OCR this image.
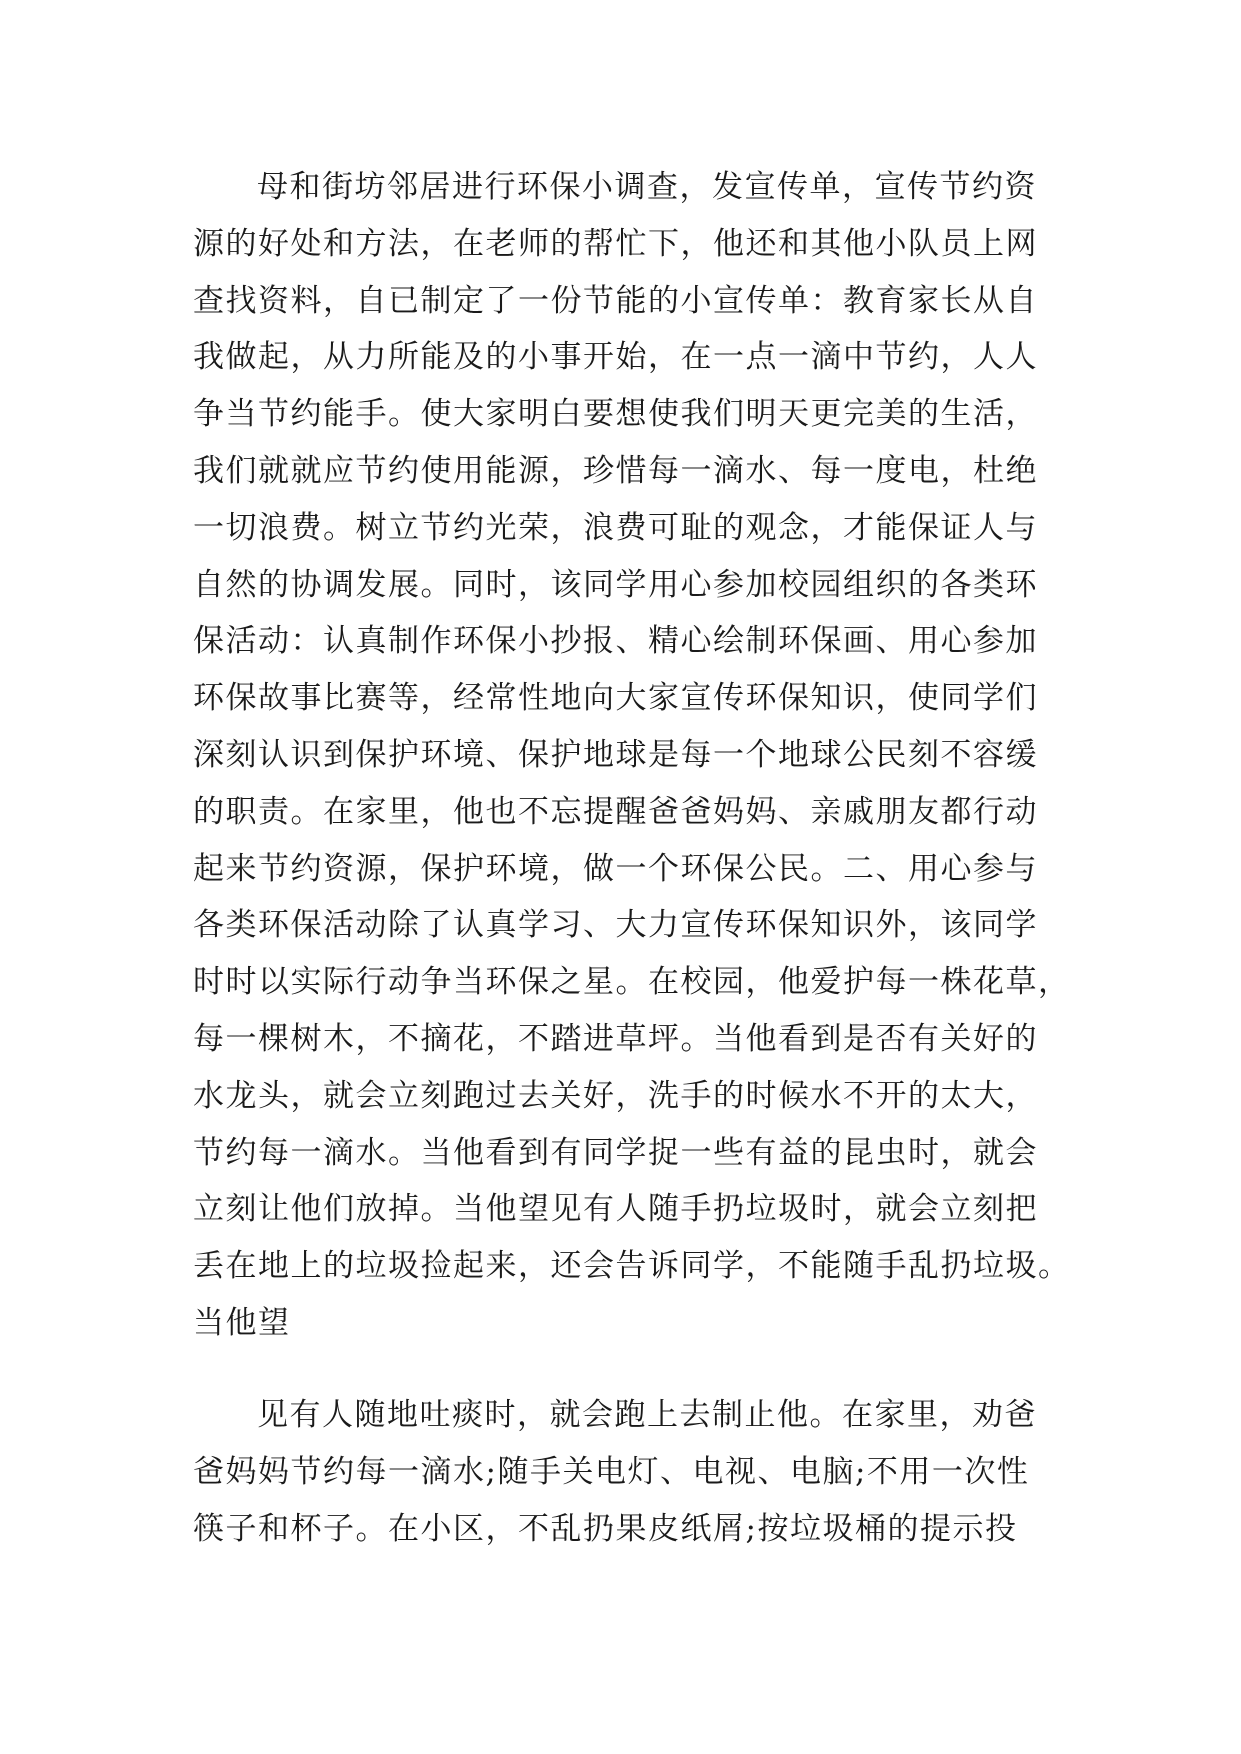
母和街坊邻居进行环保小调查，发宣传单，宣传节约资
源的好处和方法，在老师的帮忙下，他还和其他小队员上网
查找资料，自已制定了一份节能的小宣传单：教育家长从自
我做起，从力所能及的小事开始，在一点一滴中节约，人人
争当节约能手。使大家明白要想使我们明天更完美的生活，
我们就就应节约使用能源，珍惜每一滴水、每一度电，杜绝
一切浪费。树立节约光荣，浪费可耻的观念，才能保证人与
自然的协调发展。同时，该同学用心参加校园组织的各类环
保活动：认真制作环保小抄报、精心绘制环保画、用心参加
环保故事比赛等，经常性地向大家宣传环保知识，使同学们
深刻认识到保护环境、保护地球是每一个地球公民刻不容缓
的职责。在家里，他也不忘提醒爸爸妈妈、亲戚朋友都行动
起来节约资源，保护环境，做一个环保公民。二、用心参与
各类环保活动除了认真学习、大力宣传环保知识外，该同学
时时以实际行动争当环保之星。在校园，他爱护每一株花草，
每一棵树木，不摘花，不踏进草坪。当他看到是否有关好的
水龙头，就会立刻跑过去关好，洗手的时候水不开的太大，
节约每一滴水。当他看到有同学捉一些有益的昆虫时，就会
立刻让他们放掉。当他望见有人随手扔垃圾时，就会立刻把
丢在地上的垃圾捡起来，还会告诉同学，不能随手乱扔垃圾。
当他望
见有人随地吐痰时，就会跑上去制止他。在家里，劝爸
爸妈妈节约每一滴水;随手关电灯、电视、电脑;不用一次性
筷子和杯子。在小区，不乱扔果皮纸屑;按垃圾桶的提示投
